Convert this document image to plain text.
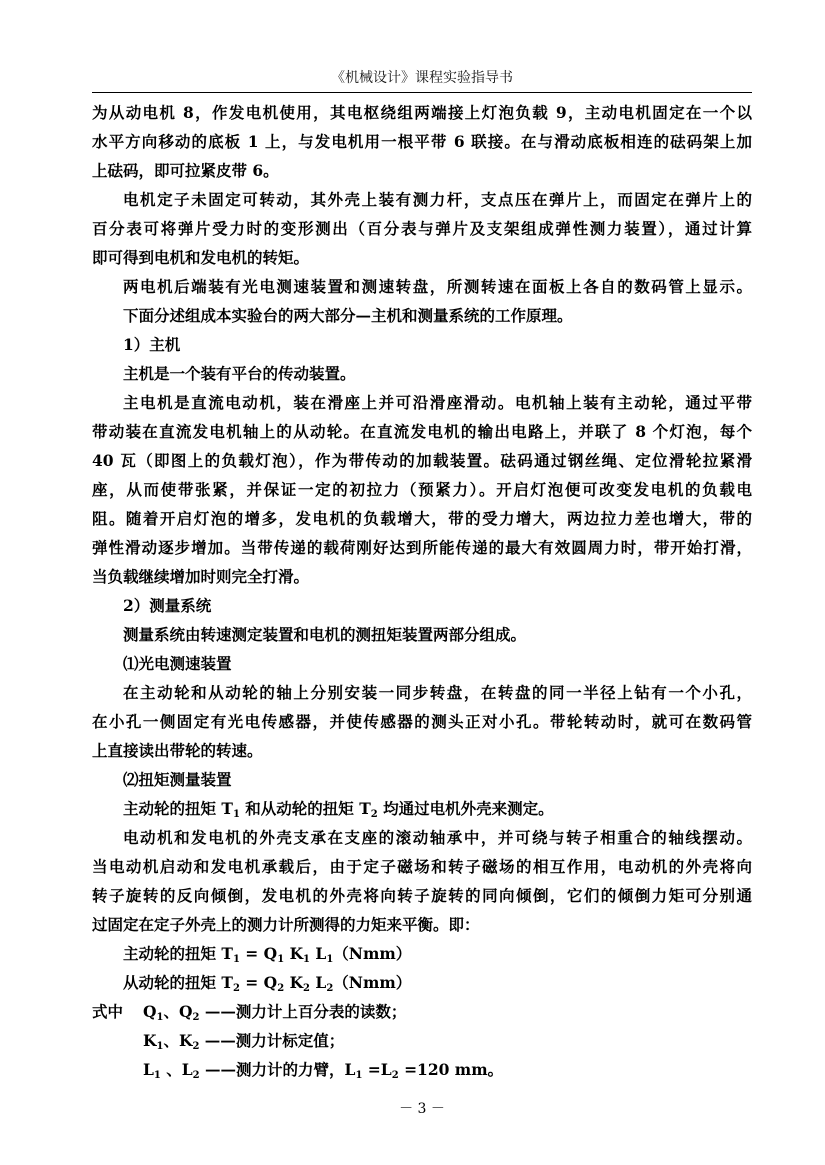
《机械设计》课程实验指导书
为从动电机 8，作发电机使用，其电枢绕组两端接上灯泡负载 9，主动电机固定在一个以
水平方向移动的底板 1 上，与发电机用一根平带 6 联接。在与滑动底板相连的砝码架上加
上砝码，即可拉紧皮带 6。
电机定子未固定可转动，其外壳上装有测力杆，支点压在弹片上，而固定在弹片上的
百分表可将弹片受力时的变形测出（百分表与弹片及支架组成弹性测力装置），通过计算
即可得到电机和发电机的转矩。
两电机后端装有光电测速装置和测速转盘，所测转速在面板上各自的数码管上显示。
下面分述组成本实验台的两大部分—主机和测量系统的工作原理。
1）主机
主机是一个装有平台的传动装置。
主电机是直流电动机，装在滑座上并可沿滑座滑动。电机轴上装有主动轮，通过平带
带动装在直流发电机轴上的从动轮。在直流发电机的输出电路上，并联了 8 个灯泡，每个
40 瓦（即图上的负载灯泡），作为带传动的加载装置。砝码通过钢丝绳、定位滑轮拉紧滑
座，从而使带张紧，并保证一定的初拉力（预紧力）。开启灯泡便可改变发电机的负载电
阻。随着开启灯泡的增多，发电机的负载增大，带的受力增大，两边拉力差也增大，带的
弹性滑动逐步增加。当带传递的载荷刚好达到所能传递的最大有效圆周力时，带开始打滑，
当负载继续增加时则完全打滑。
2）测量系统
测量系统由转速测定装置和电机的测扭矩装置两部分组成。
⑴光电测速装置
在主动轮和从动轮的轴上分别安装一同步转盘，在转盘的同一半径上钻有一个小孔，
在小孔一侧固定有光电传感器，并使传感器的测头正对小孔。带轮转动时，就可在数码管
上直接读出带轮的转速。
⑵扭矩测量装置
主动轮的扭矩 $T_1$ 和从动轮的扭矩 $T_2$ 均通过电机外壳来测定。
电动机和发电机的外壳支承在支座的滚动轴承中，并可绕与转子相重合的轴线摆动。
当电动机启动和发电机承载后，由于定子磁场和转子磁场的相互作用，电动机的外壳将向
转子旋转的反向倾倒，发电机的外壳将向转子旋转的同向倾倒，它们的倾倒力矩可分别通
过固定在定子外壳上的测力计所测得的力矩来平衡。即：
主动轮的扭矩 $T_1 = Q_1$ $K_1$ $L_1(Nmm)$
从动轮的扭矩 $T_2 = Q_2$ $K_2$ $L_2(Nmm)$
式中	$Q_1$、$Q_2$ ——测力计上百分表的读数；
$K_1$、$K_2$ ——测力计标定值；
$L_1$ 、$L_2$ ——测力计的力臂，$L_1 =L_2 =120$ mm。
－ 3 －
